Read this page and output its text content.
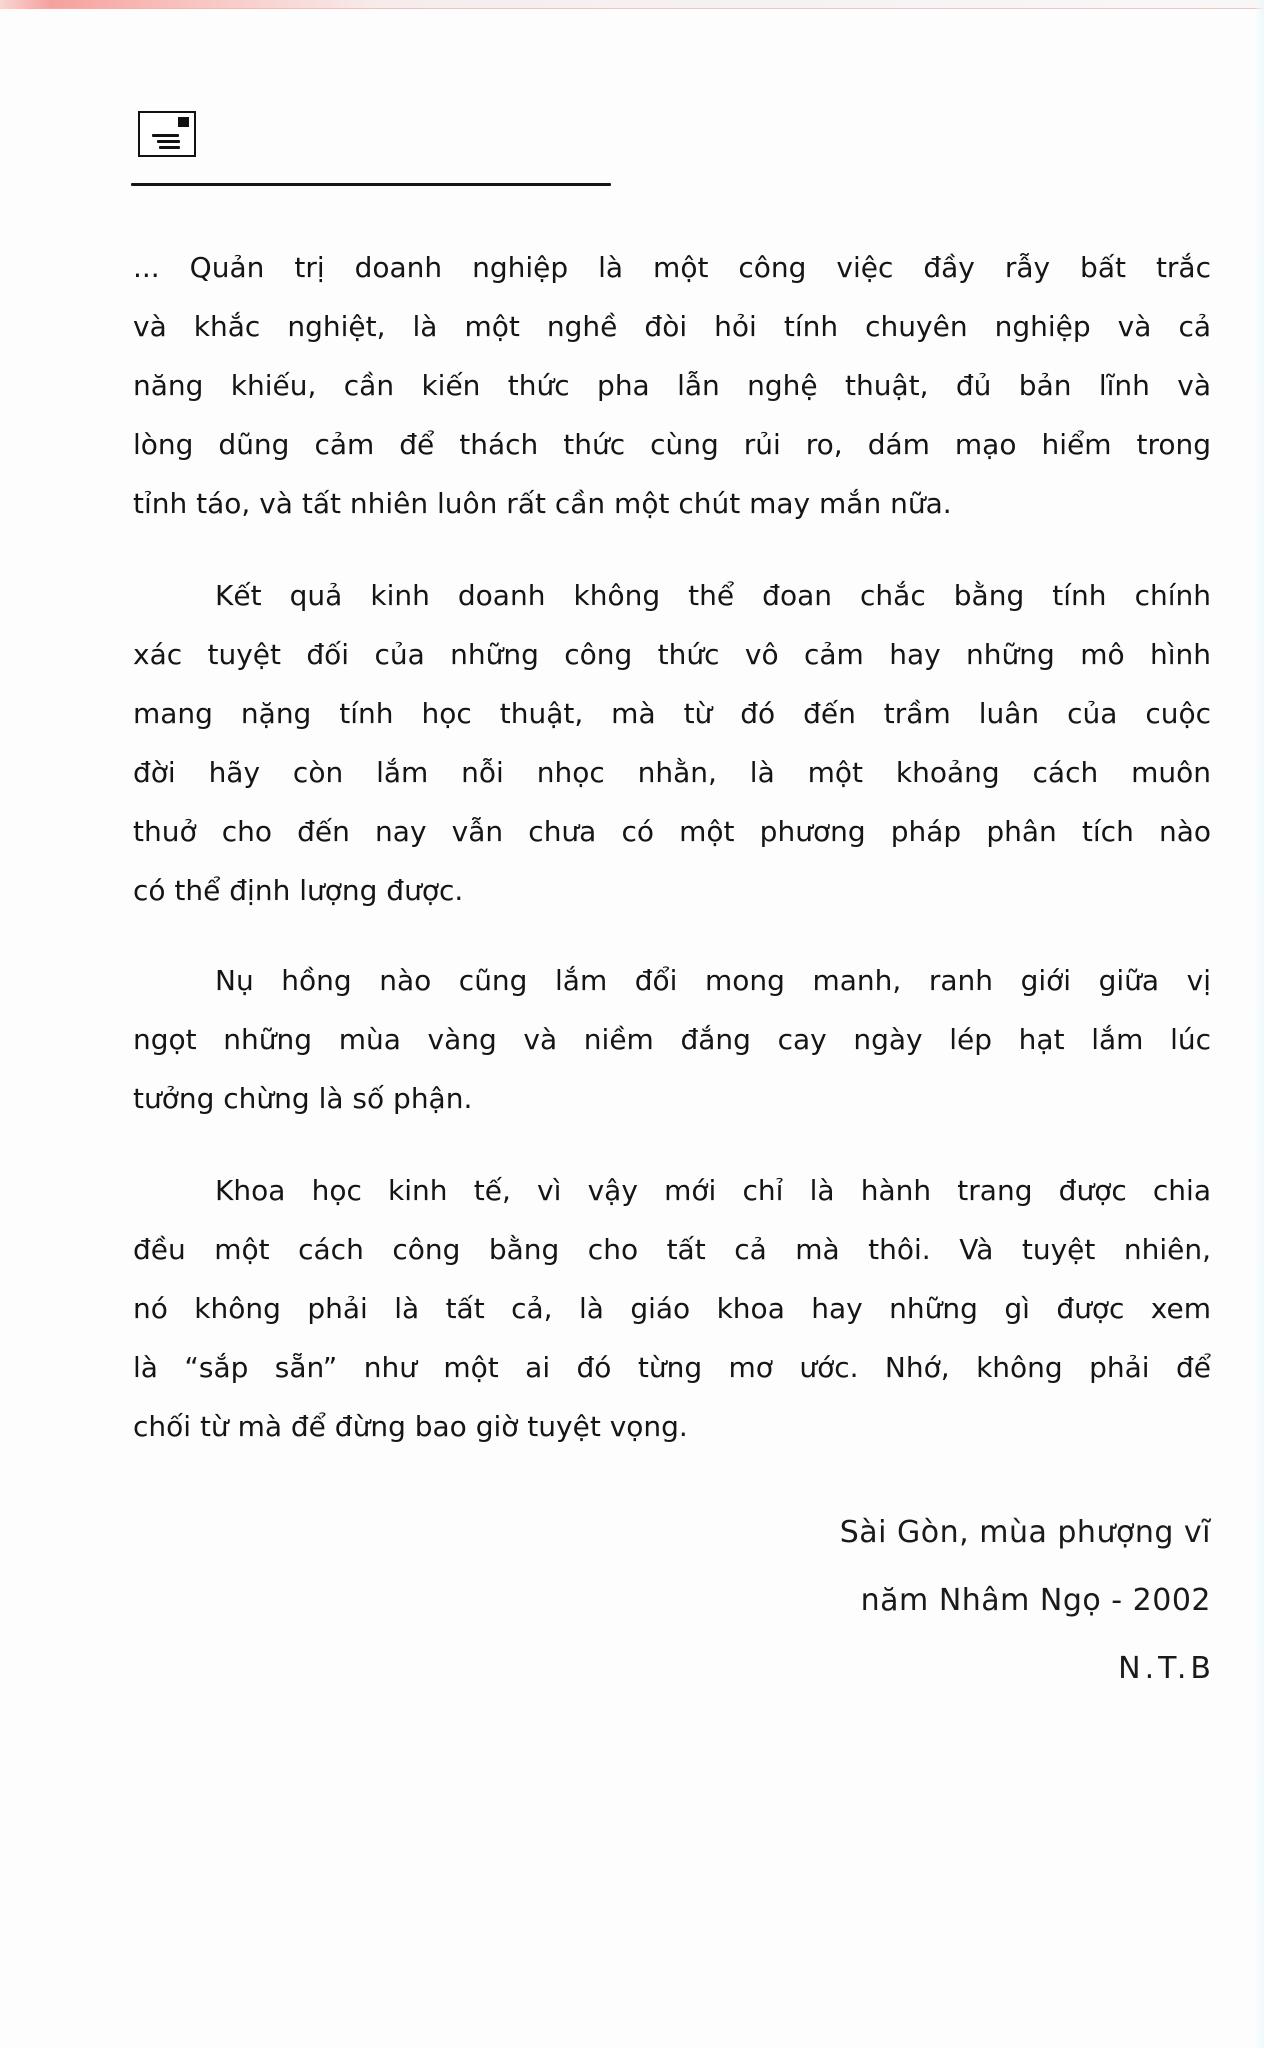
... Quản trị doanh nghiệp là một công việc đầy rẫy bất trắc
và khắc nghiệt, là một nghề đòi hỏi tính chuyên nghiệp và cả
năng khiếu, cần kiến thức pha lẫn nghệ thuật, đủ bản lĩnh và
lòng dũng cảm để thách thức cùng rủi ro, dám mạo hiểm trong
tỉnh táo, và tất nhiên luôn rất cần một chút may mắn nữa.
Kết quả kinh doanh không thể đoan chắc bằng tính chính
xác tuyệt đối của những công thức vô cảm hay những mô hình
mang nặng tính học thuật, mà từ đó đến trầm luân của cuộc
đời hãy còn lắm nỗi nhọc nhằn, là một khoảng cách muôn
thuở cho đến nay vẫn chưa có một phương pháp phân tích nào
có thể định lượng được.
Nụ hồng nào cũng lắm đổi mong manh, ranh giới giữa vị
ngọt những mùa vàng và niềm đắng cay ngày lép hạt lắm lúc
tưởng chừng là số phận.
Khoa học kinh tế, vì vậy mới chỉ là hành trang được chia
đều một cách công bằng cho tất cả mà thôi. Và tuyệt nhiên,
nó không phải là tất cả, là giáo khoa hay những gì được xem
là “sắp sẵn” như một ai đó từng mơ ước. Nhớ, không phải để
chối từ mà để đừng bao giờ tuyệt vọng.
Sài Gòn, mùa phượng vĩ
năm Nhâm Ngọ - 2002
N.T.B
